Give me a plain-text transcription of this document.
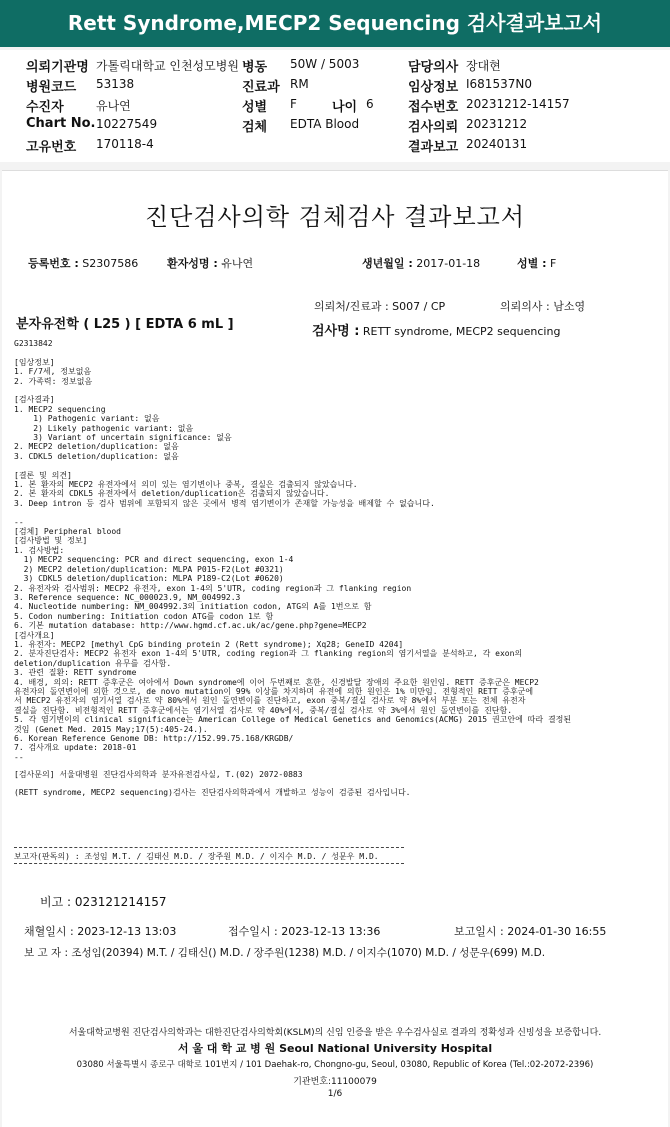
Rett Syndrome,MECP2 Sequencing 검사결과보고서
의뢰기관명 가톨릭대학교 인천성모병원 병동 50W / 5003	담당의사 장대현
병원코드 53138	진료과 RM	임상정보 I681537N0
수진자	유나연	성별 F	나이 6	접수번호 20231212-14157
Chart No. 10227549	검체 EDTA Blood	검사의뢰 20231212
고유번호 170118-4	결과보고 20240131
진단검사의학 검체검사 결과보고서
등록번호 : S2307586	환자성명 : 유나연	생년월일 : 2017-01-18	성별 : F
의뢰처/진료과 : S007 / CP	의뢰의사 : 남소영
분자유전학 ( L25 ) [ EDTA 6 mL ]	검사명 : RETT syndrome, MECP2 sequencing
G2313842
[임상정보]
1. F/7세, 정보없음
2. 가족력: 정보없음
[검사결과]
1. MECP2 sequencing
1) Pathogenic variant: 없음
2) Likely pathogenic variant: 없음
3) Variant of uncertain significance: 없음
2. MECP2 deletion/duplication: 없음
3. CDKL5 deletion/duplication: 없음
[결론 및 의견]
1. 본 환자의 MECP2 유전자에서 의미 있는 염기변이나 중복, 결실은 검출되지 않았습니다.
2. 본 환자의 CDKL5 유전자에서 deletion/duplication은 검출되지 않았습니다.
3. Deep intron 등 검사 범위에 포함되지 않은 곳에서 병적 염기변이가 존재할 가능성을 배제할 수 없습니다.
--
[검체] Peripheral blood
[검사방법 및 정보]
1. 검사방법:
1) MECP2 sequencing: PCR and direct sequencing, exon 1-4
2) MECP2 deletion/duplication: MLPA P015-F2(Lot #0321)
3) CDKL5 deletion/duplication: MLPA P189-C2(Lot #0620)
2. 유전자와 검사범위: MECP2 유전자, exon 1-4의 5'UTR, coding region과 그 flanking region
3. Reference sequence: NC_000023.9, NM_004992.3
4. Nucleotide numbering: NM_004992.3의 initiation codon, ATG의 A를 1번으로 함
5. Codon numbering: Initiation codon ATG를 codon 1로 함
6. 기본 mutation database: http://www.hgmd.cf.ac.uk/ac/gene.php?gene=MECP2
[검사개요]
1. 유전자: MECP2 [methyl CpG binding protein 2 (Rett syndrome); Xq28; GeneID 4204]
2. 분자진단검사: MECP2 유전자 exon 1-4의 5'UTR, coding region과 그 flanking region의 염기서열을 분석하고, 각 exon의
deletion/duplication 유무를 검사함.
3. 관련 질환: RETT syndrome
4. 배경, 의의: RETT 증후군은 여아에서 Down syndrome에 이어 두번째로 흔한, 신경발달 장애의 주요한 원인임. RETT 증후군은 MECP2
유전자의 돌연변이에 의한 것으로, de novo mutation이 99% 이상를 차지하며 유전에 의한 원인은 1% 미만임. 전형적인 RETT 증후군에
서 MECP2 유전자의 염기서열 검사로 약 80%에서 원인 돌연변이를 진단하고, exon 중복/결실 검사로 약 8%에서 부분 또는 전체 유전자
결실을 진단함. 비전형적인 RETT 증후군에서는 염기서열 검사로 약 40%에서, 중복/결실 검사로 약 3%에서 원인 돌연변이를 진단함.
5. 각 염기변이의 clinical significance는 American College of Medical Genetics and Genomics(ACMG) 2015 권고안에 따라 결정된
것임 (Genet Med. 2015 May;17(5):405-24.).
6. Korean Reference Genome DB: http://152.99.75.168/KRGDB/
7. 검사개요 update: 2018-01
--
[검사문의] 서울대병원 진단검사의학과 분자유전검사실, T.(02) 2072-0883
(RETT syndrome, MECP2 sequencing)검사는 진단검사의학과에서 개발하고 성능이 검증된 검사입니다.
보고자(판독의) : 조성임 M.T. / 김태신 M.D. / 장주원 M.D. / 이지수 M.D. / 성문우 M.D.
비고 : 023121214157
채혈일시 : 2023-12-13 13:03	접수일시 : 2023-12-13 13:36	보고일시 : 2024-01-30 16:55
보 고 자 : 조성임(20394) M.T. / 김태신() M.D. / 장주원(1238) M.D. / 이지수(1070) M.D. / 성문우(699) M.D.
서울대학교병원 진단검사의학과는 대한진단검사의학회(KSLM)의 신임 인증을 받은 우수검사실로 결과의 정확성과 신빙성을 보증합니다.
서 울 대 학 교 병 원 Seoul National University Hospital
03080 서울특별시 종로구 대학로 101번지 / 101 Daehak-ro, Chongno-gu, Seoul, 03080, Republic of Korea (Tel.:02-2072-2396)
기관번호:11100079
1/6
